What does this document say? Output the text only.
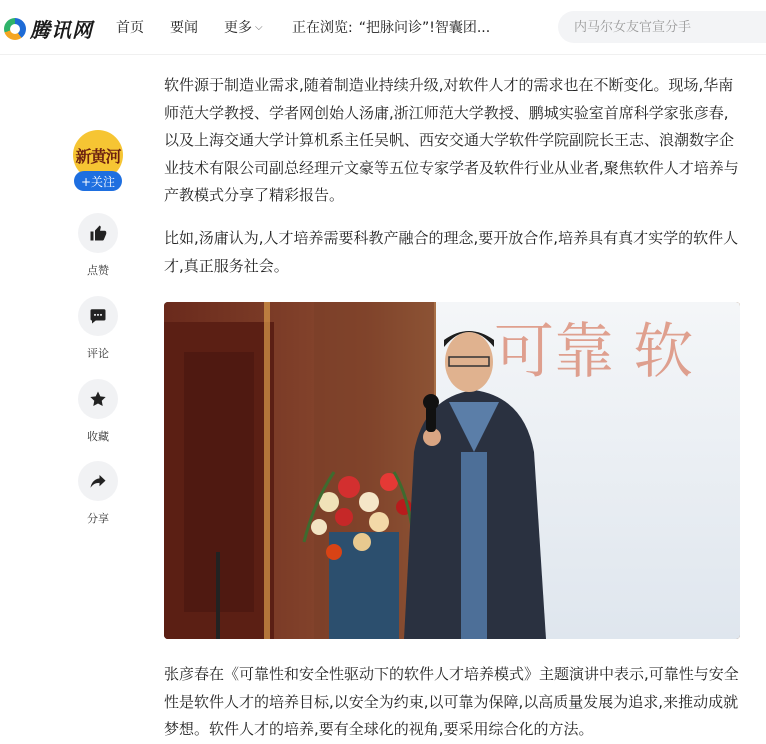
腾讯网 首页 要闻 更多 ⌵ 正在浏览: “把脉问诊”!智囊团...
内马尔女友官宣分手
新黄河
+关注
点赞
评论
收藏
分享

软件源于制造业需求,随着制造业持续升级,对软件人才的需求也在不断变化。现场,华南师范大学教授、学者网创始人汤庸,浙江师范大学教授、鹏城实验室首席科学家张彦春,以及上海交通大学计算机系主任吴帆、西安交通大学软件学院副院长王志、浪潮数字企业技术有限公司副总经理亓文豪等五位专家学者及软件行业从业者,聚焦软件人才培养与产教模式分享了精彩报告。

比如,汤庸认为,人才培养需要科教产融合的理念,要开放合作,培养具有真才实学的软件人才,真正服务社会。

可靠 软

张彦春在《可靠性和安全性驱动下的软件人才培养模式》主题演讲中表示,可靠性与安全性是软件人才的培养目标,以安全为约束,以可靠为保障,以高质量发展为追求,来推动成就梦想。软件人才的培养,要有全球化的视角,要采用综合化的方法。
